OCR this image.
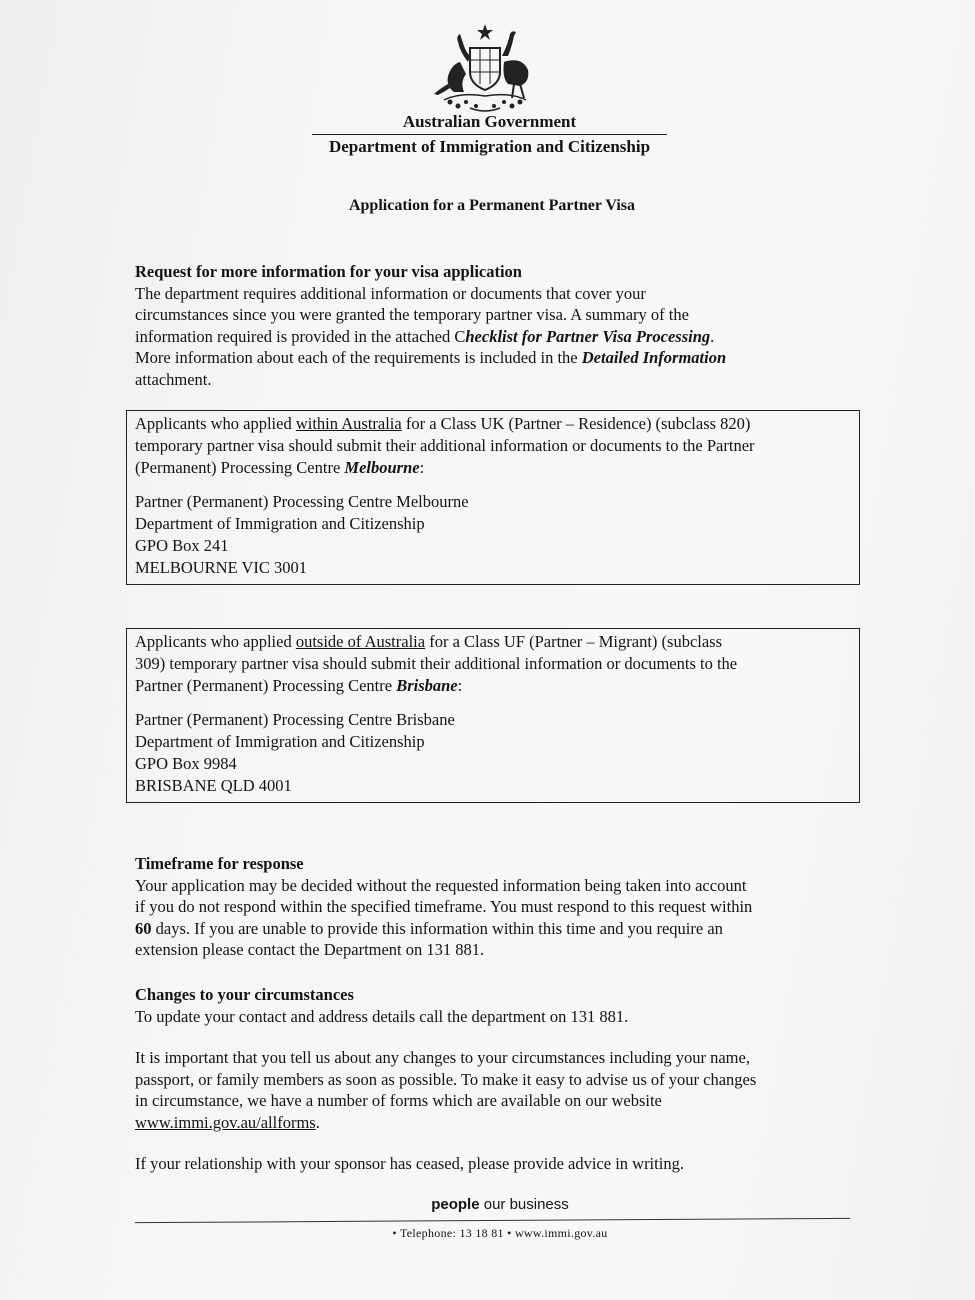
Australian Government
Department of Immigration and Citizenship
Application for a Permanent Partner Visa
Request for more information for your visa application
The department requires additional information or documents that cover your
circumstances since you were granted the temporary partner visa. A summary of the
information required is provided in the attached Checklist for Partner Visa Processing.
More information about each of the requirements is included in the Detailed Information
attachment.
Applicants who applied within Australia for a Class UK (Partner – Residence) (subclass 820)
temporary partner visa should submit their additional information or documents to the Partner
(Permanent) Processing Centre Melbourne:
Partner (Permanent) Processing Centre Melbourne
Department of Immigration and Citizenship
GPO Box 241
MELBOURNE VIC 3001
Applicants who applied outside of Australia for a Class UF (Partner – Migrant) (subclass
309) temporary partner visa should submit their additional information or documents to the
Partner (Permanent) Processing Centre Brisbane:
Partner (Permanent) Processing Centre Brisbane
Department of Immigration and Citizenship
GPO Box 9984
BRISBANE QLD 4001
Timeframe for response
Your application may be decided without the requested information being taken into account
if you do not respond within the specified timeframe. You must respond to this request within
60 days. If you are unable to provide this information within this time and you require an
extension please contact the Department on 131 881.
Changes to your circumstances
To update your contact and address details call the department on 131 881.
It is important that you tell us about any changes to your circumstances including your name,
passport, or family members as soon as possible. To make it easy to advise us of your changes
in circumstance, we have a number of forms which are available on our website
www.immi.gov.au/allforms.
If your relationship with your sponsor has ceased, please provide advice in writing.
people our business
• Telephone: 13 18 81 • www.immi.gov.au
